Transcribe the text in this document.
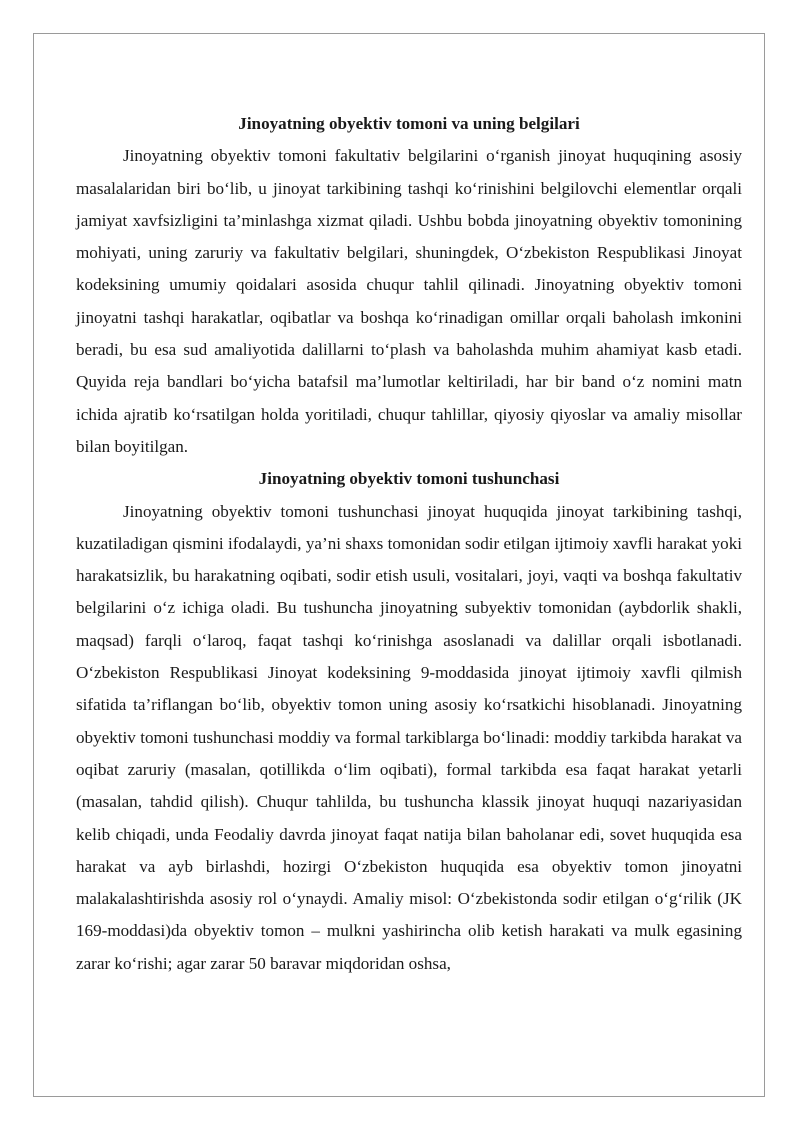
Jinoyatning obyektiv tomoni va uning belgilari

Jinoyatning obyektiv tomoni fakultativ belgilarini o‘rganish jinoyat huquqining asosiy masalalaridan biri bo‘lib, u jinoyat tarkibining tashqi ko‘rinishini belgilovchi elementlar orqali jamiyat xavfsizligini ta’minlashga xizmat qiladi. Ushbu bobda jinoyatning obyektiv tomonining mohiyati, uning zaruriy va fakultativ belgilari, shuningdek, O‘zbekiston Respublikasi Jinoyat kodeksining umumiy qoidalari asosida chuqur tahlil qilinadi. Jinoyatning obyektiv tomoni jinoyatni tashqi harakatlar, oqibatlar va boshqa ko‘rinadigan omillar orqali baholash imkonini beradi, bu esa sud amaliyotida dalillarni to‘plash va baholashda muhim ahamiyat kasb etadi. Quyida reja bandlari bo‘yicha batafsil ma’lumotlar keltiriladi, har bir band o‘z nomini matn ichida ajratib ko‘rsatilgan holda yoritiladi, chuqur tahlillar, qiyosiy qiyoslar va amaliy misollar bilan boyitilgan.

Jinoyatning obyektiv tomoni tushunchasi

Jinoyatning obyektiv tomoni tushunchasi jinoyat huquqida jinoyat tarkibining tashqi, kuzatiladigan qismini ifodalaydi, ya’ni shaxs tomonidan sodir etilgan ijtimoiy xavfli harakat yoki harakatsizlik, bu harakatning oqibati, sodir etish usuli, vositalari, joyi, vaqti va boshqa fakultativ belgilarini o‘z ichiga oladi. Bu tushuncha jinoyatning subyektiv tomonidan (aybdorlik shakli, maqsad) farqli o‘laroq, faqat tashqi ko‘rinishga asoslanadi va dalillar orqali isbotlanadi. O‘zbekiston Respublikasi Jinoyat kodeksining 9-moddasida jinoyat ijtimoiy xavfli qilmish sifatida ta’riflangan bo‘lib, obyektiv tomon uning asosiy ko‘rsatkichi hisoblanadi. Jinoyatning obyektiv tomoni tushunchasi moddiy va formal tarkiblarga bo‘linadi: moddiy tarkibda harakat va oqibat zaruriy (masalan, qotillikda o‘lim oqibati), formal tarkibda esa faqat harakat yetarli (masalan, tahdid qilish). Chuqur tahlilda, bu tushuncha klassik jinoyat huquqi nazariyasidan kelib chiqadi, unda Feodaliy davrda jinoyat faqat natija bilan baholanar edi, sovet huquqida esa harakat va ayb birlashdi, hozirgi O‘zbekiston huquqida esa obyektiv tomon jinoyatni malakalashtirishda asosiy rol o‘ynaydi. Amaliy misol: O‘zbekistonda sodir etilgan o‘g‘rilik (JK 169-moddasi)da obyektiv tomon – mulkni yashirincha olib ketish harakati va mulk egasining zarar ko‘rishi; agar zarar 50 baravar miqdoridan oshsa,
